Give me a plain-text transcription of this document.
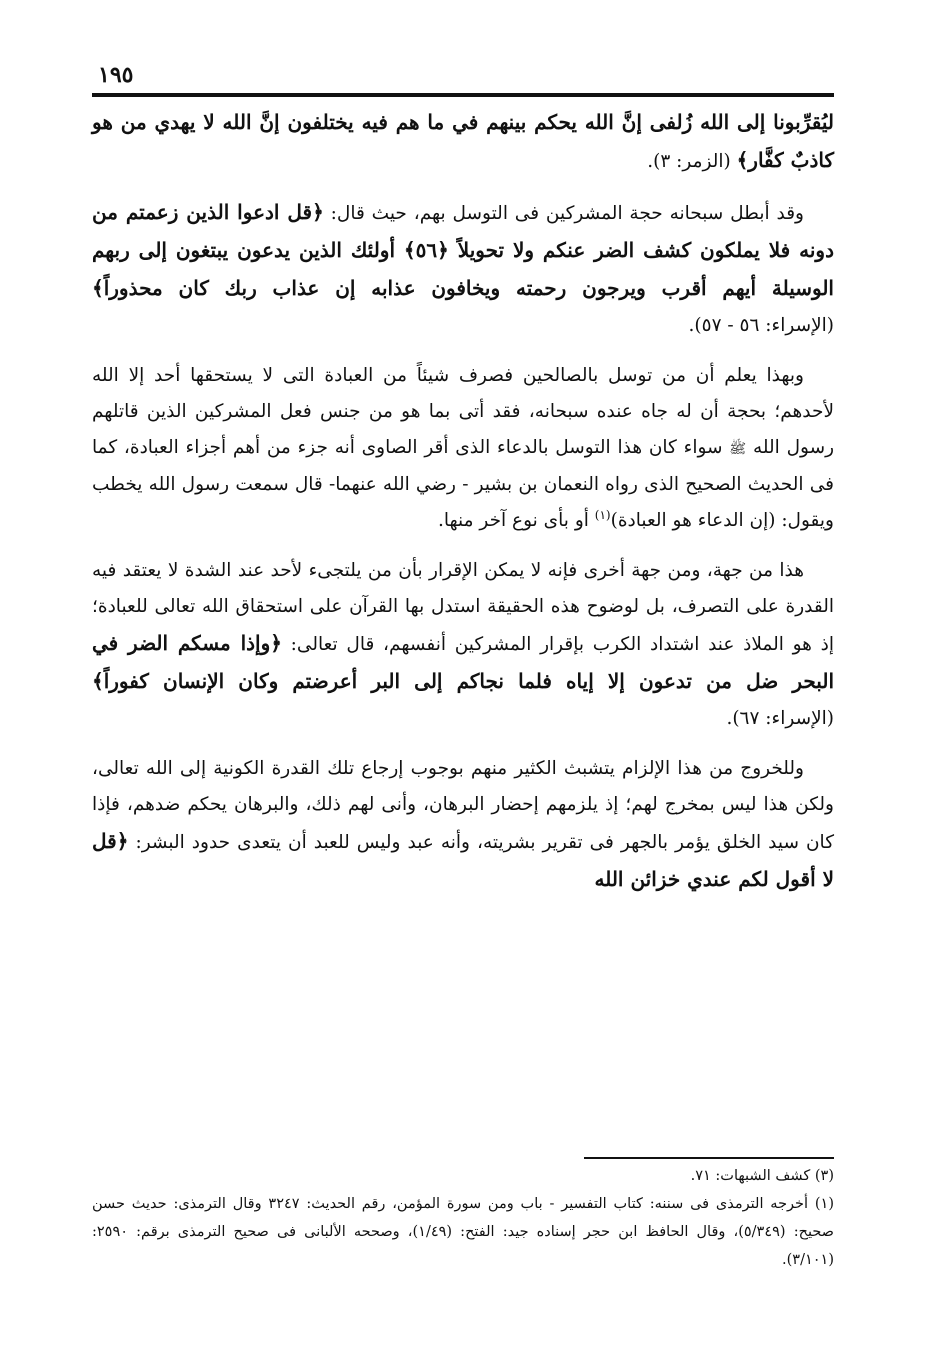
١٩٥

ليُقرِّبونا إلى الله زُلفى إنَّ الله يحكم بينهم في ما هم فيه يختلفون إنَّ الله لا يهدي من هو كاذبٌ كفَّار﴾ (الزمر: ٣).

وقد أبطل سبحانه حجة المشركين فى التوسل بهم، حيث قال: ﴿قل ادعوا الذين زعمتم من دونه فلا يملكون كشف الضر عنكم ولا تحويلاً ﴿٥٦﴾ أولئك الذين يدعون يبتغون إلى ربهم الوسيلة أيهم أقرب ويرجون رحمته ويخافون عذابه إن عذاب ربك كان محذوراً﴾ (الإسراء: ٥٦ - ٥٧).

وبهذا يعلم أن من توسل بالصالحين فصرف شيئاً من العبادة التى لا يستحقها أحد إلا الله لأحدهم؛ بحجة أن له جاه عنده سبحانه، فقد أتى بما هو من جنس فعل المشركين الذين قاتلهم رسول الله ﷺ سواء كان هذا التوسل بالدعاء الذى أقر الصاوى أنه جزء من أهم أجزاء العبادة، كما فى الحديث الصحيح الذى رواه النعمان بن بشير - رضي الله عنهما- قال سمعت رسول الله يخطب ويقول: (إن الدعاء هو العبادة)$^{(١)}$ أو بأى نوع آخر منها.

هذا من جهة، ومن جهة أخرى فإنه لا يمكن الإقرار بأن من يلتجىء لأحد عند الشدة لا يعتقد فيه القدرة على التصرف، بل لوضوح هذه الحقيقة استدل بها القرآن على استحقاق الله تعالى للعبادة؛ إذ هو الملاذ عند اشتداد الكرب بإقرار المشركين أنفسهم، قال تعالى: ﴿وإذا مسكم الضر في البحر ضل من تدعون إلا إياه فلما نجاكم إلى البر أعرضتم وكان الإنسان كفوراً﴾ (الإسراء: ٦٧).

وللخروج من هذا الإلزام يتشبث الكثير منهم بوجوب إرجاع تلك القدرة الكونية إلى الله تعالى، ولكن هذا ليس بمخرج لهم؛ إذ يلزمهم إحضار البرهان، وأنى لهم ذلك، والبرهان يحكم ضدهم، فإذا كان سيد الخلق يؤمر بالجهر فى تقرير بشريته، وأنه عبد وليس للعبد أن يتعدى حدود البشر: ﴿قل لا أقول لكم عندي خزائن الله

(٣) كشف الشبهات: ٧١.

(١) أخرجه الترمذى فى سننه: كتاب التفسير - باب ومن سورة المؤمن، رقم الحديث: ٣٢٤٧ وقال الترمذى: حديث حسن صحيح: (٥/٣٤٩)، وقال الحافظ ابن حجر إسناده جيد: الفتح: (١/٤٩)، وصححه الألبانى فى صحيح الترمذى برقم: ٢٥٩٠: (٣/١٠١).
